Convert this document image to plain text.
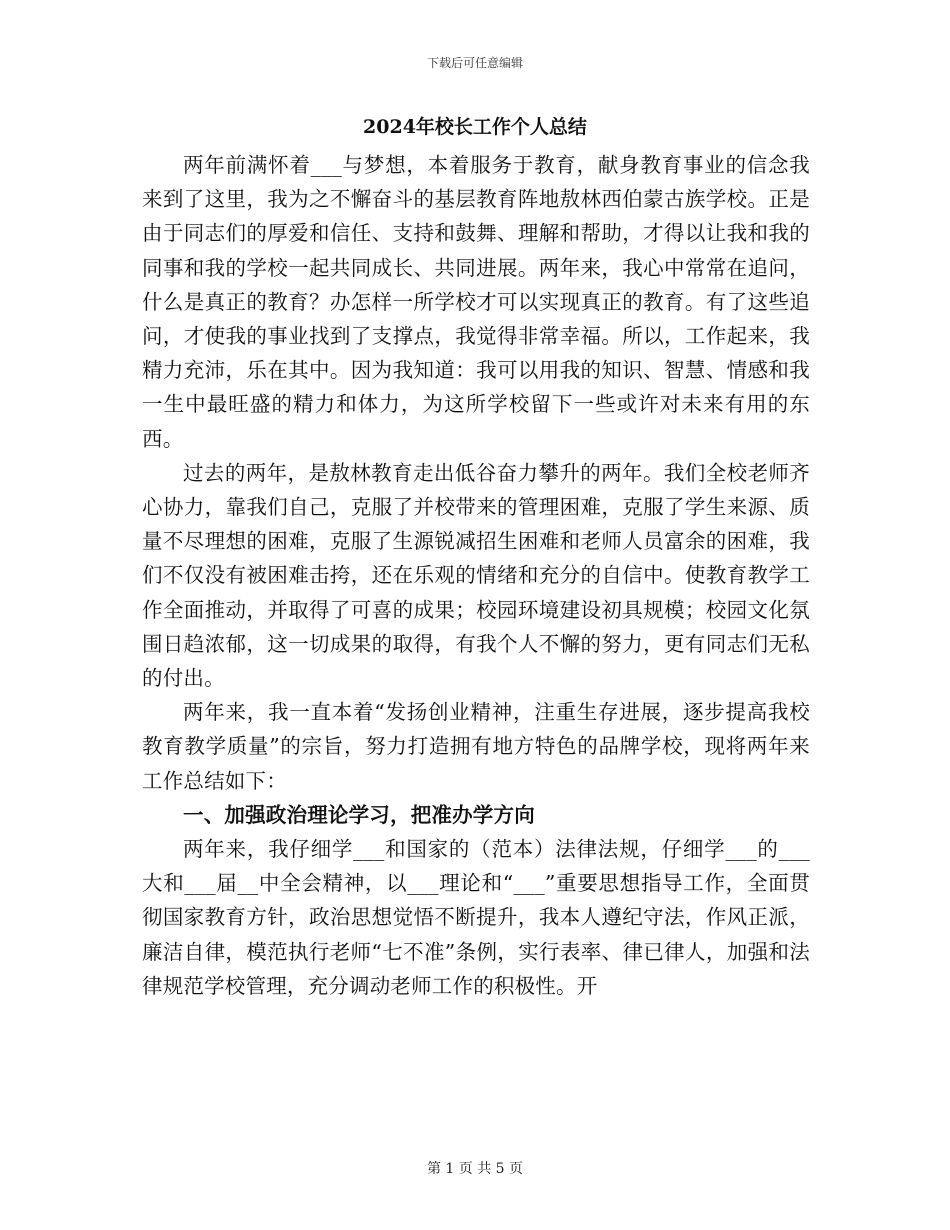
下载后可任意编辑
2024年校长工作个人总结

两年前满怀着___与梦想，本着服务于教育，献身教育事业的信念我来到了这里，我为之不懈奋斗的基层教育阵地敖林西伯蒙古族学校。正是由于同志们的厚爱和信任、支持和鼓舞、理解和帮助，才得以让我和我的同事和我的学校一起共同成长、共同进展。两年来，我心中常常在追问，什么是真正的教育？办怎样一所学校才可以实现真正的教育。有了这些追问，才使我的事业找到了支撑点，我觉得非常幸福。所以，工作起来，我精力充沛，乐在其中。因为我知道：我可以用我的知识、智慧、情感和我一生中最旺盛的精力和体力，为这所学校留下一些或许对未来有用的东西。

过去的两年，是敖林教育走出低谷奋力攀升的两年。我们全校老师齐心协力，靠我们自己，克服了并校带来的管理困难，克服了学生来源、质量不尽理想的困难，克服了生源锐减招生困难和老师人员富余的困难，我们不仅没有被困难击挎，还在乐观的情绪和充分的自信中。使教育教学工作全面推动，并取得了可喜的成果；校园环境建设初具规模；校园文化氛围日趋浓郁，这一切成果的取得，有我个人不懈的努力，更有同志们无私的付出。

两年来，我一直本着“发扬创业精神，注重生存进展，逐步提高我校教育教学质量”的宗旨，努力打造拥有地方特色的品牌学校，现将两年来工作总结如下：

一、加强政治理论学习，把准办学方向

两年来，我仔细学___和国家的（范本）法律法规，仔细学___的___大和___届__中全会精神，以___理论和“___”重要思想指导工作，全面贯彻国家教育方针，政治思想觉悟不断提升，我本人遵纪守法，作风正派，廉洁自律，模范执行老师“七不准”条例，实行表率、律已律人，加强和法律规范学校管理，充分调动老师工作的积极性。开

第 1 页 共 5 页
